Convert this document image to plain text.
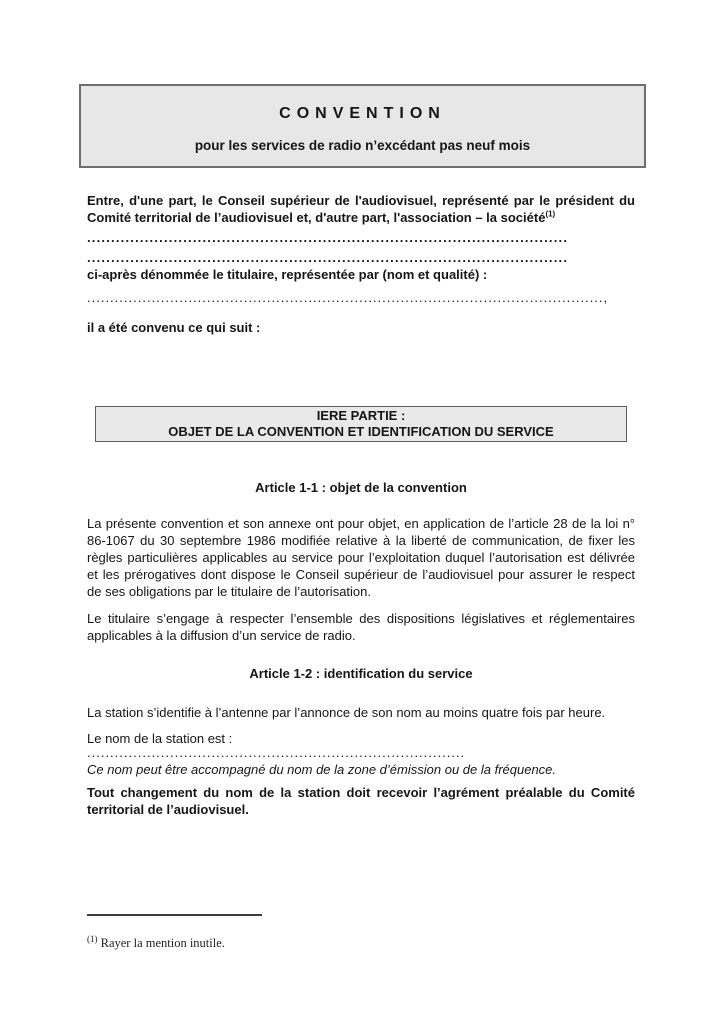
CONVENTION
pour les services de radio n’excédant pas neuf mois

Entre, d'une part, le Conseil supérieur de l'audiovisuel, représenté par le président du Comité territorial de l’audiovisuel et, d'autre part, l'association – la société$^{(1)}$

....................................................................................................
....................................................................................................

ci-après dénommée le titulaire, représentée par (nom et qualité) :

................................................................................................................,

il a été convenu ce qui suit :

IERE PARTIE :
OBJET DE LA CONVENTION ET IDENTIFICATION DU SERVICE
Article 1-1 : objet de la convention

La présente convention et son annexe ont pour objet, en application de l’article 28 de la loi n° 86-1067 du 30 septembre 1986 modifiée relative à la liberté de communication, de fixer les règles particulières applicables au service pour l’exploitation duquel l’autorisation est délivrée et les prérogatives dont dispose le Conseil supérieur de l’audiovisuel pour assurer le respect de ses obligations par le titulaire de l’autorisation.

Le titulaire s’engage à respecter l’ensemble des dispositions législatives et réglementaires applicables à la diffusion d’un service de radio.

Article 1-2 : identification du service

La station s’identifie à l’antenne par l’annonce de son nom au moins quatre fois par heure.

Le nom de la station est :

..................................................................................

Ce nom peut être accompagné du nom de la zone d’émission ou de la fréquence.

Tout changement du nom de la station doit recevoir l’agrément préalable du Comité territorial de l’audiovisuel.

$^{(1)}$ Rayer la mention inutile.
